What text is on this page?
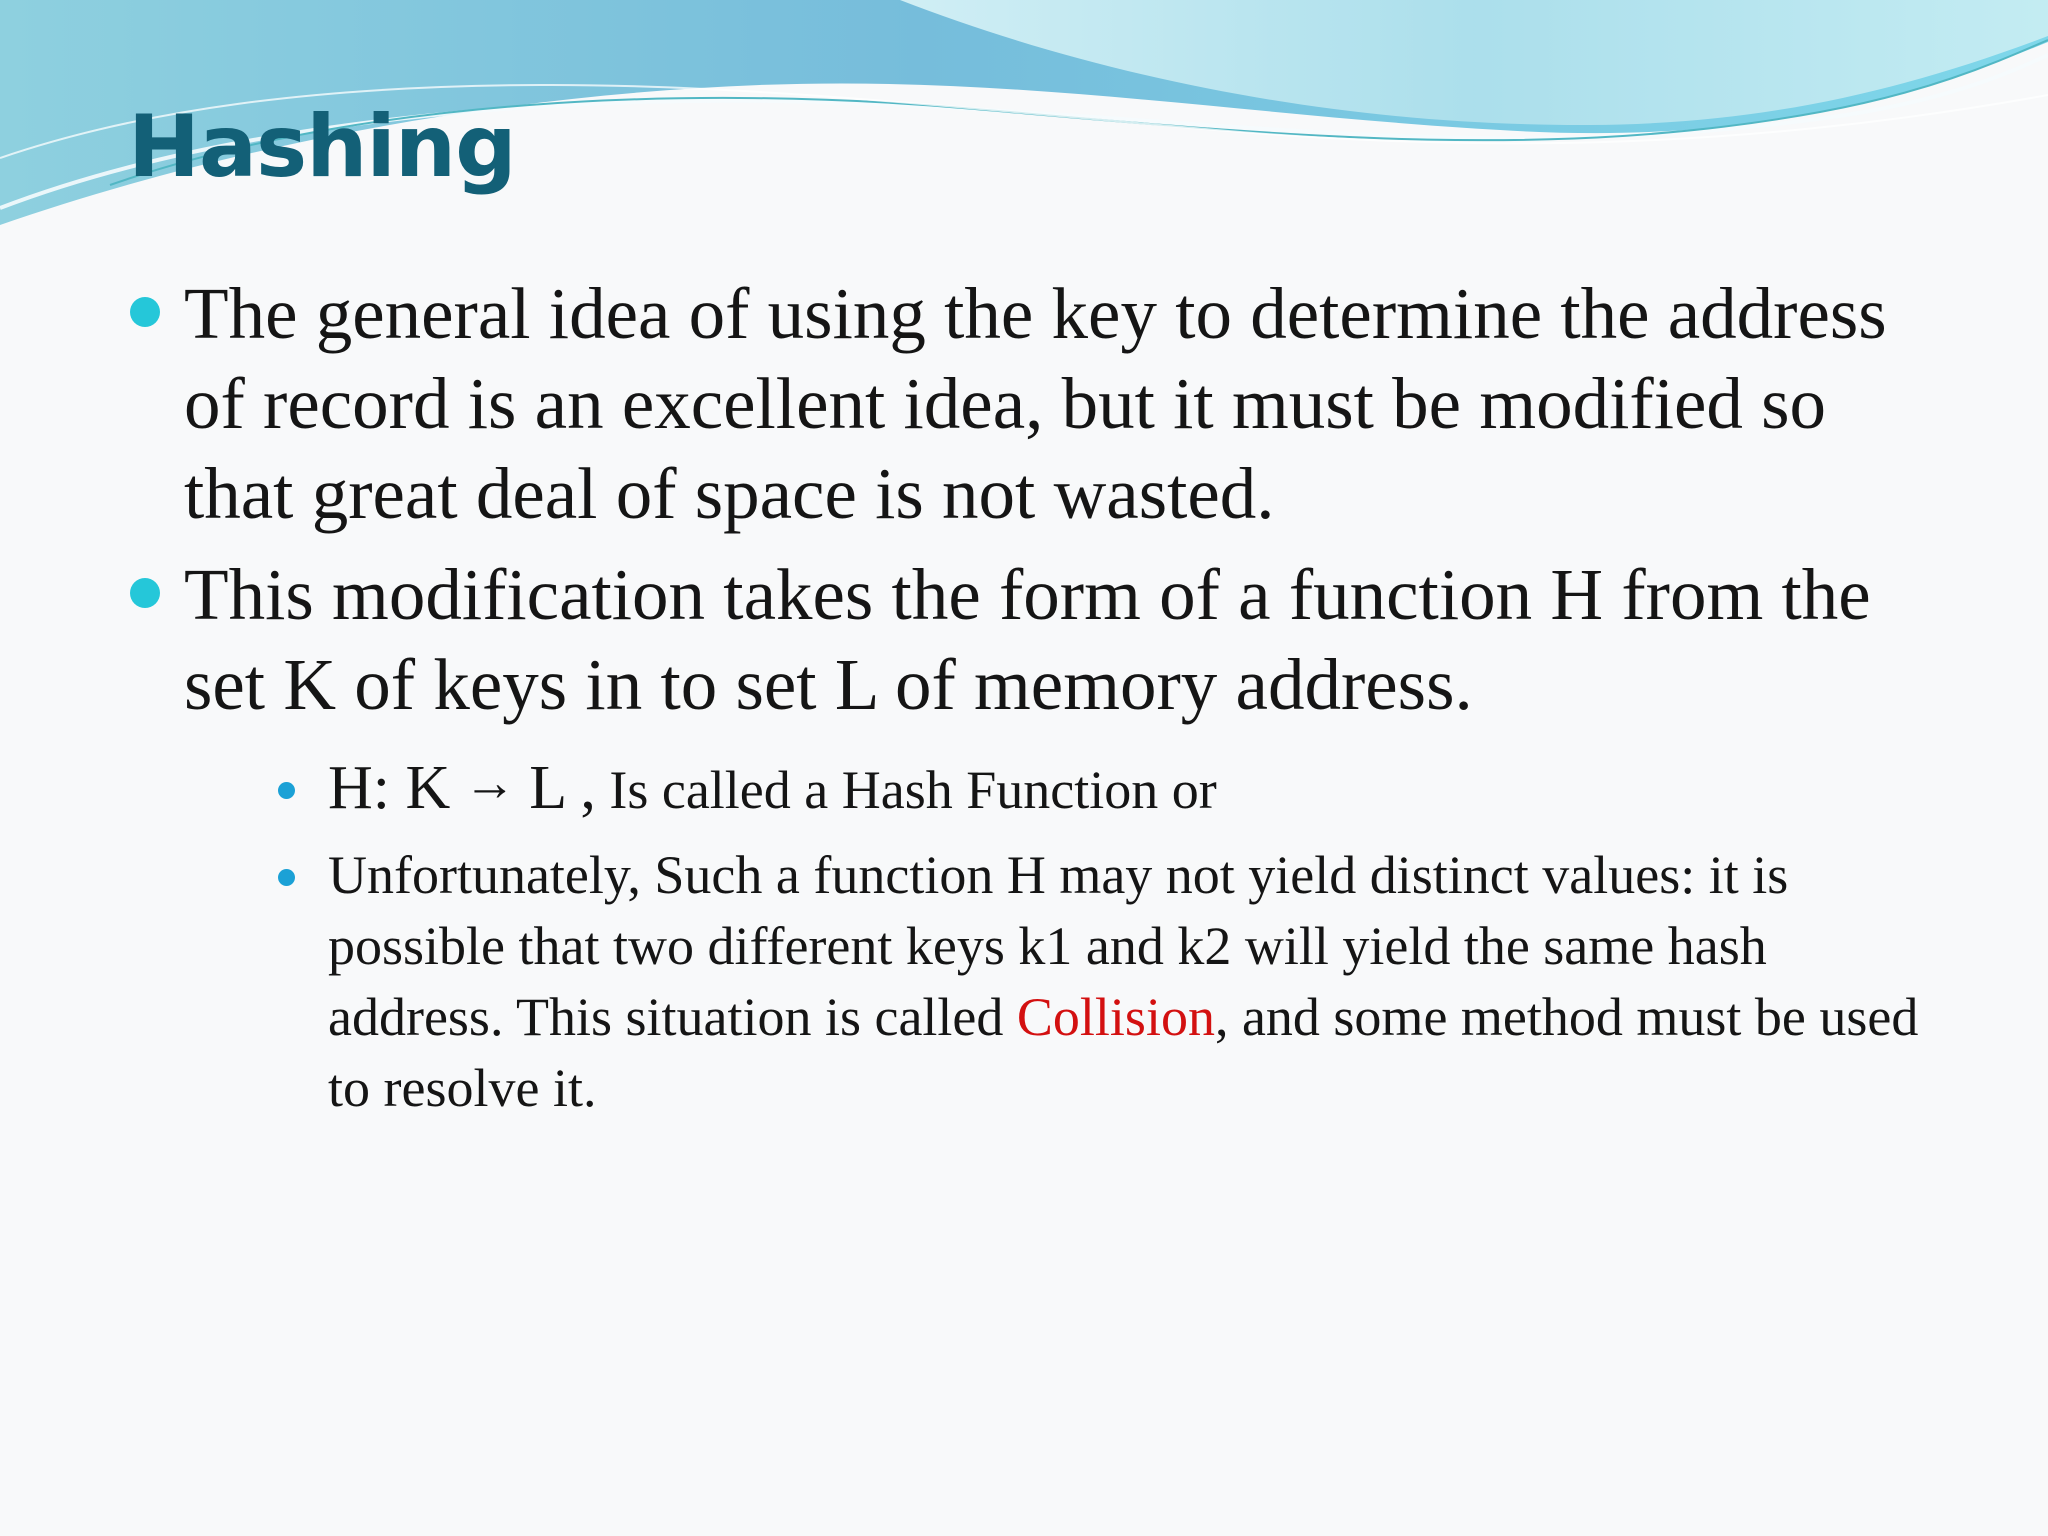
Hashing
The general idea of using the key to determine the address of record is an excellent idea, but it must be modified so that great deal of space is not wasted.
This modification takes the form of a function H from the set K of keys in to set L of memory address.
H: K → L , Is called a Hash Function or
Unfortunately, Such a function H may not yield distinct values: it is possible that two different keys k1 and k2 will yield the same hash address. This situation is called Collision, and some method must be used to resolve it.
